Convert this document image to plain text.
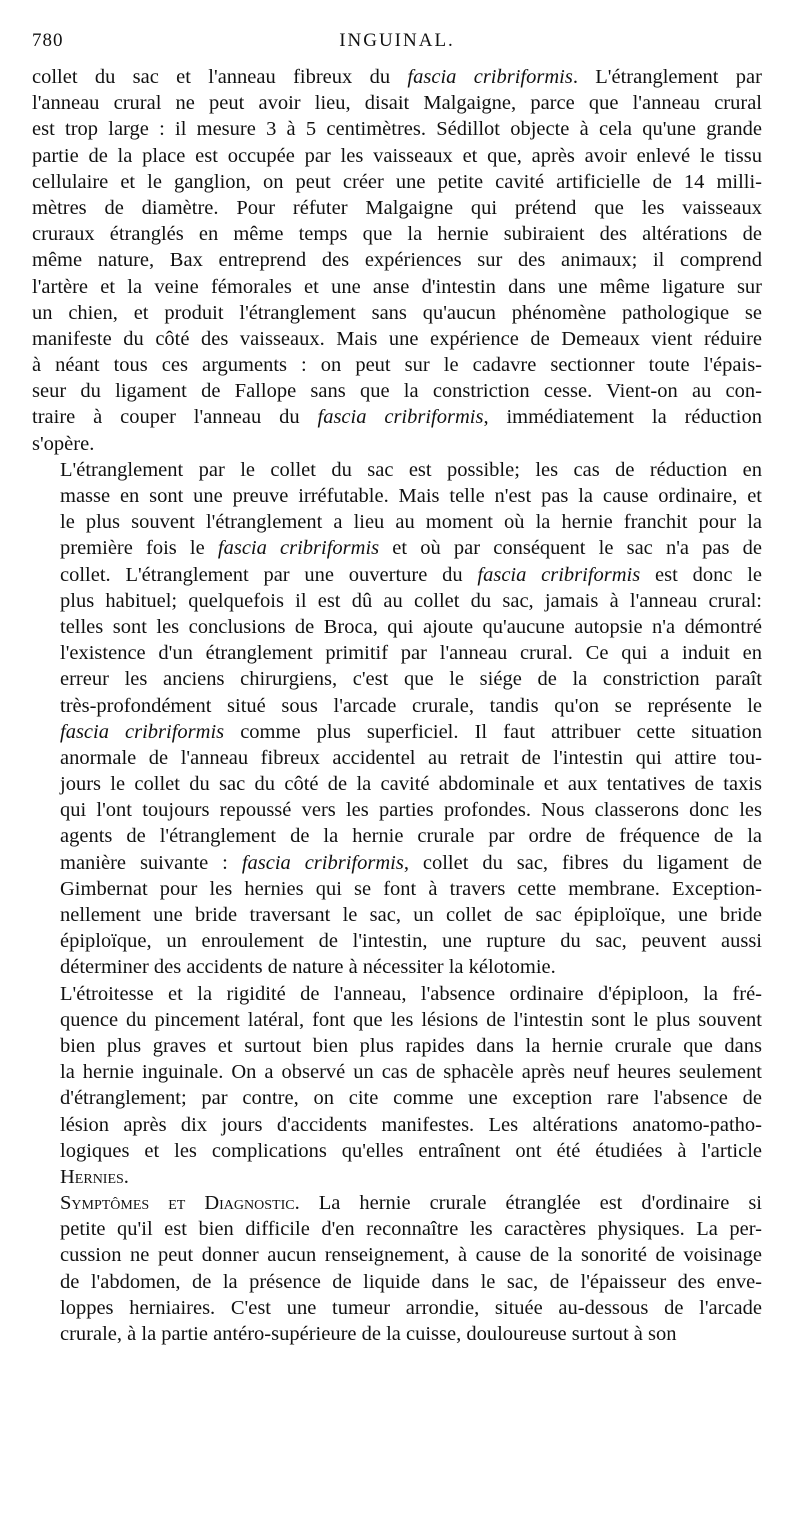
780	INGUINAL.

collet du sac et l'anneau fibreux du fascia cribriformis. L'étranglement par
l'anneau crural ne peut avoir lieu, disait Malgaigne, parce que l'anneau crural
est trop large : il mesure 3 à 5 centimètres. Sédillot objecte à cela qu'une grande
partie de la place est occupée par les vaisseaux et que, après avoir enlevé le tissu
cellulaire et le ganglion, on peut créer une petite cavité artificielle de 14 milli-
mètres de diamètre. Pour réfuter Malgaigne qui prétend que les vaisseaux
cruraux étranglés en même temps que la hernie subiraient des altérations de
même nature, Bax entreprend des expériences sur des animaux; il comprend
l'artère et la veine fémorales et une anse d'intestin dans une même ligature sur
un chien, et produit l'étranglement sans qu'aucun phénomène pathologique se
manifeste du côté des vaisseaux. Mais une expérience de Demeaux vient réduire
à néant tous ces arguments : on peut sur le cadavre sectionner toute l'épais-
seur du ligament de Fallope sans que la constriction cesse. Vient-on au con-
traire à couper l'anneau du fascia cribriformis, immédiatement la réduction
s'opère.

L'étranglement par le collet du sac est possible; les cas de réduction en
masse en sont une preuve irréfutable. Mais telle n'est pas la cause ordinaire, et
le plus souvent l'étranglement a lieu au moment où la hernie franchit pour la
première fois le fascia cribriformis et où par conséquent le sac n'a pas de
collet. L'étranglement par une ouverture du fascia cribriformis est donc le
plus habituel; quelquefois il est dû au collet du sac, jamais à l'anneau crural:
telles sont les conclusions de Broca, qui ajoute qu'aucune autopsie n'a démontré
l'existence d'un étranglement primitif par l'anneau crural. Ce qui a induit en
erreur les anciens chirurgiens, c'est que le siége de la constriction paraît
très-profondément situé sous l'arcade crurale, tandis qu'on se représente le
fascia cribriformis comme plus superficiel. Il faut attribuer cette situation
anormale de l'anneau fibreux accidentel au retrait de l'intestin qui attire tou-
jours le collet du sac du côté de la cavité abdominale et aux tentatives de taxis
qui l'ont toujours repoussé vers les parties profondes. Nous classerons donc les
agents de l'étranglement de la hernie crurale par ordre de fréquence de la
manière suivante : fascia cribriformis, collet du sac, fibres du ligament de
Gimbernat pour les hernies qui se font à travers cette membrane. Exception-
nellement une bride traversant le sac, un collet de sac épiploïque, une bride
épiploïque, un enroulement de l'intestin, une rupture du sac, peuvent aussi
déterminer des accidents de nature à nécessiter la kélotomie.

L'étroitesse et la rigidité de l'anneau, l'absence ordinaire d'épiploon, la fré-
quence du pincement latéral, font que les lésions de l'intestin sont le plus souvent
bien plus graves et surtout bien plus rapides dans la hernie crurale que dans
la hernie inguinale. On a observé un cas de sphacèle après neuf heures seulement
d'étranglement; par contre, on cite comme une exception rare l'absence de
lésion après dix jours d'accidents manifestes. Les altérations anatomo-patho-
logiques et les complications qu'elles entraînent ont été étudiées à l'article
Hernies.

Symptômes et Diagnostic. La hernie crurale étranglée est d'ordinaire si
petite qu'il est bien difficile d'en reconnaître les caractères physiques. La per-
cussion ne peut donner aucun renseignement, à cause de la sonorité de voisinage
de l'abdomen, de la présence de liquide dans le sac, de l'épaisseur des enve-
loppes herniaires. C'est une tumeur arrondie, située au-dessous de l'arcade
crurale, à la partie antéro-supérieure de la cuisse, douloureuse surtout à son
